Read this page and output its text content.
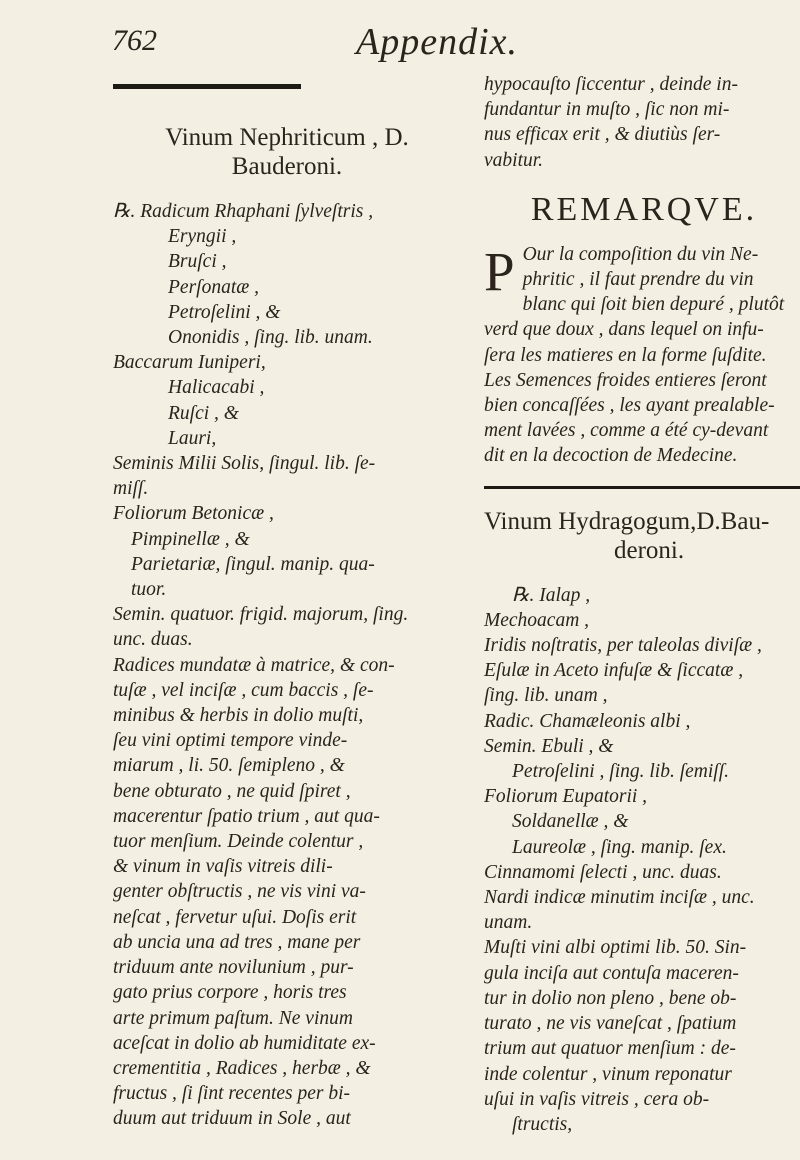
762	Appendix.
Vinum Nephriticum , D.
Bauderoni.
℞. Radicum Rhaphani ſylveſtris ,
Eryngii ,
Bruſci ,
Perſonatæ ,
Petroſelini , &
Ononidis , ſing. lib. unam.
Baccarum Iuniperi,
Halicacabi ,
Ruſci , &
Lauri,
Seminis Milii Solis, ſingul. lib. ſe-
miſſ.
Foliorum Betonicæ ,
Pimpinellæ , &
Parietariæ, ſingul. manip. qua-
tuor.
Semin. quatuor. frigid. majorum, ſing.
unc. duas.
Radices mundatæ à matrice, & con-
tuſæ , vel inciſæ , cum baccis , ſe-
minibus & herbis in dolio muſti,
ſeu vini optimi tempore vinde-
miarum , li. 50. ſemipleno , &
bene obturato , ne quid ſpiret ,
macerentur ſpatio trium , aut qua-
tuor menſium. Deinde colentur ,
& vinum in vaſis vitreis dili-
genter obſtructis , ne vis vini va-
neſcat , fervetur uſui. Doſis erit
ab uncia una ad tres , mane per
triduum ante novilunium , pur-
gato prius corpore , horis tres
arte primum paſtum. Ne vinum
aceſcat in dolio ab humiditate ex-
crementitia , Radices , herbæ , &
fructus , ſi ſint recentes per bi-
duum aut triduum in Sole , aut
hypocauſto ſiccentur , deinde in-
fundantur in muſto , ſic non mi-
nus efficax erit , & diutiùs ſer-
vabitur.
REMARQVE.
P Our la compoſition du vin Ne-
phritic , il faut prendre du vin
blanc qui ſoit bien depuré , plutôt
verd que doux , dans lequel on infu-
ſera les matieres en la forme ſuſdite.
Les Semences froides entieres ſeront
bien concaſſées , les ayant prealable-
ment lavées , comme a été cy-devant
dit en la decoction de Medecine.
Vinum Hydragogum,D.Bau-
deroni.
℞. Ialap ,
Mechoacam ,
Iridis noſtratis, per taleolas diviſæ ,
Eſulæ in Aceto infuſæ & ſiccatæ ,
ſing. lib. unam ,
Radic. Chamæleonis albi ,
Semin. Ebuli , &
Petroſelini , ſing. lib. ſemiſſ.
Foliorum Eupatorii ,
Soldanellæ , &
Laureolæ , ſing. manip. ſex.
Cinnamomi ſelecti , unc. duas.
Nardi indicæ minutim inciſæ , unc.
unam.
Muſti vini albi optimi lib. 50. Sin-
gula inciſa aut contuſa maceren-
tur in dolio non pleno , bene ob-
turato , ne vis vaneſcat , ſpatium
trium aut quatuor menſium : de-
inde colentur , vinum reponatur
uſui in vaſis vitreis , cera ob-
ſtructis,
